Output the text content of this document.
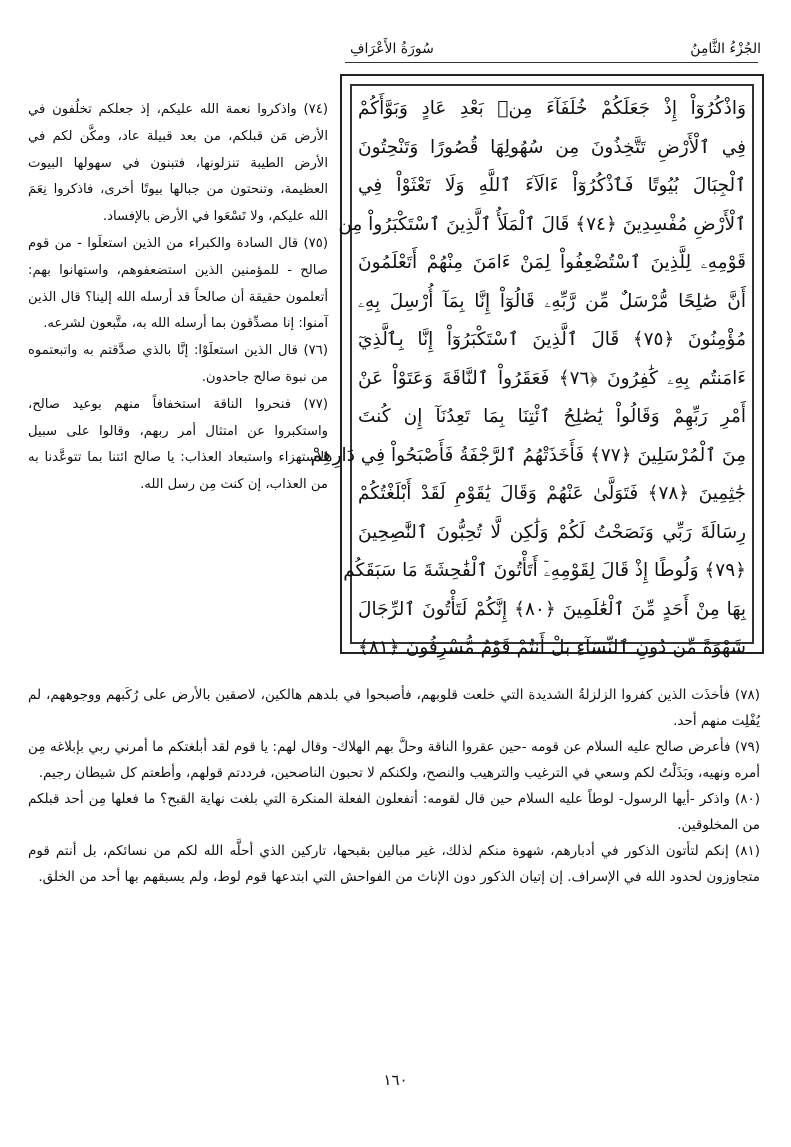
الجُزْءُ الثَّامِنُ
سُورَةُ الأَعْرَافِ
وَاذْكُرُوٓاْ إِذْ جَعَلَكُمْ خُلَفَآءَ مِنۢ بَعْدِ عَادٍ وَبَوَّأَكُمْ
فِي ٱلْأَرْضِ تَتَّخِذُونَ مِن سُهُولِهَا قُصُورًا وَتَنْحِتُونَ
ٱلْجِبَالَ بُيُوتًا فَٱذْكُرُوٓاْ ءَالَآءَ ٱللَّهِ وَلَا تَعْثَوْاْ فِي
ٱلْأَرْضِ مُفْسِدِينَ ﴿٧٤﴾ قَالَ ٱلْمَلَأُ ٱلَّذِينَ ٱسْتَكْبَرُواْ مِن
قَوْمِهِۦ لِلَّذِينَ ٱسْتُضْعِفُواْ لِمَنْ ءَامَنَ مِنْهُمْ أَتَعْلَمُونَ
أَنَّ صَٰلِحًا مُّرْسَلٌ مِّن رَّبِّهِۦ قَالُوٓاْ إِنَّا بِمَآ أُرْسِلَ بِهِۦ
مُؤْمِنُونَ ﴿٧٥﴾ قَالَ ٱلَّذِينَ ٱسْتَكْبَرُوٓاْ إِنَّا بِٱلَّذِيٓ
ءَامَنتُم بِهِۦ كَٰفِرُونَ ﴿٧٦﴾ فَعَقَرُواْ ٱلنَّاقَةَ وَعَتَوْاْ عَنْ
أَمْرِ رَبِّهِمْ وَقَالُواْ يَٰصَٰلِحُ ٱئْتِنَا بِمَا تَعِدُنَآ إِن كُنتَ
مِنَ ٱلْمُرْسَلِينَ ﴿٧٧﴾ فَأَخَذَتْهُمُ ٱلرَّجْفَةُ فَأَصْبَحُواْ فِي دَارِهِمْ
جَٰثِمِينَ ﴿٧٨﴾ فَتَوَلَّىٰ عَنْهُمْ وَقَالَ يَٰقَوْمِ لَقَدْ أَبْلَغْتُكُمْ
رِسَالَةَ رَبِّي وَنَصَحْتُ لَكُمْ وَلَٰكِن لَّا تُحِبُّونَ ٱلنَّٰصِحِينَ
﴿٧٩﴾ وَلُوطًا إِذْ قَالَ لِقَوْمِهِۦٓ أَتَأْتُونَ ٱلْفَٰحِشَةَ مَا سَبَقَكُم
بِهَا مِنْ أَحَدٍ مِّنَ ٱلْعَٰلَمِينَ ﴿٨٠﴾ إِنَّكُمْ لَتَأْتُونَ ٱلرِّجَالَ
شَهْوَةً مِّن دُونِ ٱلنِّسَآءِ بَلْ أَنتُمْ قَوْمٌ مُّسْرِفُونَ ﴿٨١﴾

(٧٤) واذكروا نعمة الله عليكم، إذ جعلكم تخلُفون في الأرض مَن قبلكم، من بعد قبيلة عاد، ومكَّن لكم في الأرض الطيبة تنزلونها، فتبنون في سهولها البيوت العظيمة، وتنحتون من جبالها بيوتًا أخرى، فاذكروا نِعَمَ الله عليكم، ولا تَسْعَوا في الأرض بالإفساد.

(٧٥) قال السادة والكبراء من الذين استعلَوا - من قوم صالح - للمؤمنين الذين استضعفوهم، واستهانوا بهم: أتعلمون حقيقة أن صالحاً قد أرسله الله إلينا؟ قال الذين آمنوا: إنا مصدِّقون بما أرسله الله به، متَّبعون لشرعه.

(٧٦) قال الذين استعلَوْا: إنَّا بالذي صدَّقتم به واتبعتموه من نبوة صالح جاحدون.

(٧٧) فنحروا الناقة استخفافاً منهم بوعيد صالح، واستكبروا عن امتثال أمر ربهم، وقالوا على سبيل الاستهزاء واستبعاد العذاب: يا صالح ائتنا بما تتوعَّدنا به من العذاب، إن كنت مِن رسل الله.

(٧٨) فأخذَت الذين كفروا الزلزلةُ الشديدة التي خلعت قلوبهم، فأصبحوا في بلدهم هالكين، لاصقين بالأرض على رُكَبهم ووجوههم، لم يُفْلِت منهم أحد.

(٧٩) فأعرض صالح عليه السلام عن قومه -حين عقروا الناقة وحلَّ بهم الهلاك- وقال لهم: يا قوم لقد أبلغتكم ما أمرني ربي بإبلاغه مِن أمره ونهيه، وبَذَلْتُ لكم وسعي في الترغيب والترهيب والنصح، ولكنكم لا تحبون الناصحين، فرددتم قولهم، وأطعتم كل شيطان رجيم.

(٨٠) واذكر -أيها الرسول- لوطاً عليه السلام حين قال لقومه: أتفعلون الفعلة المنكرة التي بلغت نهاية القبح؟ ما فعلها مِن أحد قبلكم من المخلوقين.

(٨١) إنكم لتأتون الذكور في أدبارهم، شهوة منكم لذلك، غير مبالين بقبحها، تاركين الذي أحلَّه الله لكم من نسائكم، بل أنتم قوم متجاوزون لحدود الله في الإسراف. إن إتيان الذكور دون الإناث من الفواحش التي ابتدعها قوم لوط، ولم يسبقهم بها أحد من الخلق.

١٦٠
